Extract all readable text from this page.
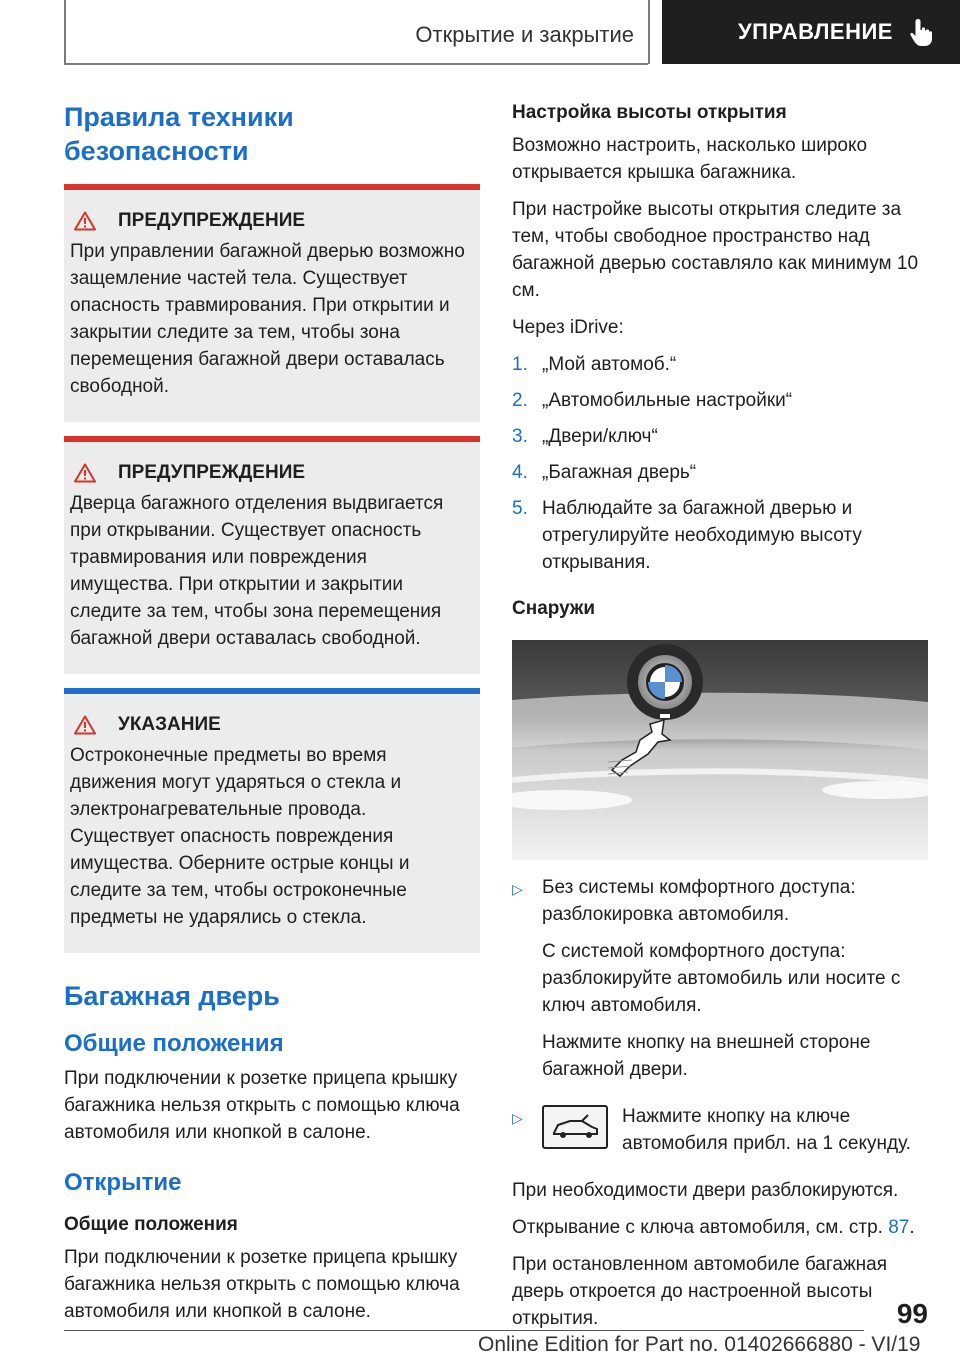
Открытие и закрытие	УПРАВЛЕНИЕ
Правила техники безопасности
ПРЕДУПРЕЖДЕНИЕ

При управлении багажной дверью возможно защемление частей тела. Существует опасность травмирования. При открытии и закрытии следите за тем, чтобы зона перемещения багажной двери оставалась свободной.

ПРЕДУПРЕЖДЕНИЕ

Дверца багажного отделения выдвигается при открывании. Существует опасность травмирования или повреждения имущества. При открытии и закрытии следите за тем, чтобы зона перемещения багажной двери оставалась свободной.

УКАЗАНИЕ

Остроконечные предметы во время движения могут ударяться о стекла и электронагревательные провода. Существует опасность повреждения имущества. Оберните острые концы и следите за тем, чтобы остроконечные предметы не ударялись о стекла.

Багажная дверь
Общие положения

При подключении к розетке прицепа крышку багажника нельзя открыть с помощью ключа автомобиля или кнопкой в салоне.

Открытие
Общие положения

При подключении к розетке прицепа крышку багажника нельзя открыть с помощью ключа автомобиля или кнопкой в салоне.

Настройка высоты открытия

Возможно настроить, насколько широко открывается крышка багажника.

При настройке высоты открытия следите за тем, чтобы свободное пространство над багажной дверью составляло как минимум 10 см.

Через iDrive:

1. „Мой автомоб.“
2. „Автомобильные настройки“
3. „Двери/ключ“
4. „Багажная дверь“
5. Наблюдайте за багажной дверью и отрегулируйте необходимую высоту открывания.
Снаружи
▷	Без системы комфортного доступа: разблокировка автомобиля.

С системой комфортного доступа: разблокируйте автомобиль или носите с ключ автомобиля.

Нажмите кнопку на внешней стороне багажной двери.

▷	Нажмите кнопку на ключе автомобиля прибл. на 1 секунду.

При необходимости двери разблокируются.

Открывание с ключа автомобиля, см. стр. 87.

При остановленном автомобиле багажная дверь откроется до настроенной высоты открытия.	99
Online Edition for Part no. 01402666880 - VI/19
